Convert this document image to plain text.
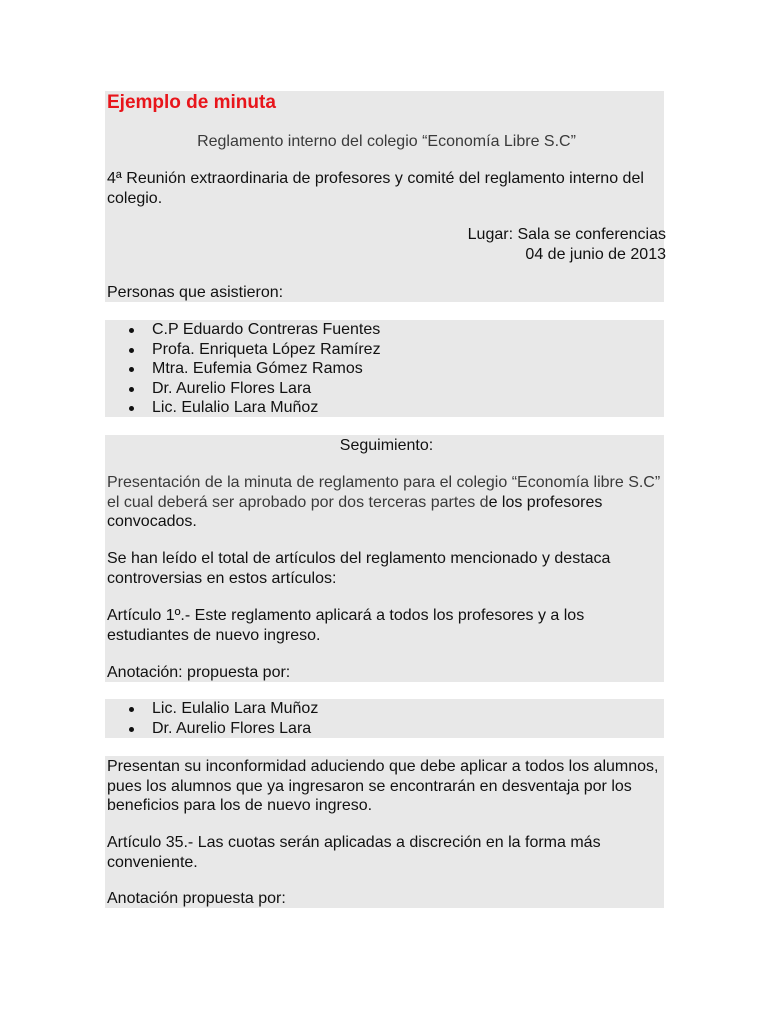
Ejemplo de minuta

Reglamento interno del colegio “Economía Libre S.C”

4ª Reunión extraordinaria de profesores y comité del reglamento interno del colegio.

Lugar: Sala se conferencias

04 de junio de 2013

Personas que asistieron:

C.P Eduardo Contreras Fuentes
Profa. Enriqueta López Ramírez
Mtra. Eufemia Gómez Ramos
Dr. Aurelio Flores Lara
Lic. Eulalio Lara Muñoz

Seguimiento:

Presentación de la minuta de reglamento para el colegio “Economía libre S.C” el cual deberá ser aprobado por dos terceras partes de los profesores convocados.

Se han leído el total de artículos del reglamento mencionado y destaca controversias en estos artículos:

Artículo 1º.- Este reglamento aplicará a todos los profesores y a los estudiantes de nuevo ingreso.

Anotación: propuesta por:

Lic. Eulalio Lara Muñoz
Dr. Aurelio Flores Lara

Presentan su inconformidad aduciendo que debe aplicar a todos los alumnos, pues los alumnos que ya ingresaron se encontrarán en desventaja por los beneficios para los de nuevo ingreso.

Artículo 35.- Las cuotas serán aplicadas a discreción en la forma más conveniente.

Anotación propuesta por:
